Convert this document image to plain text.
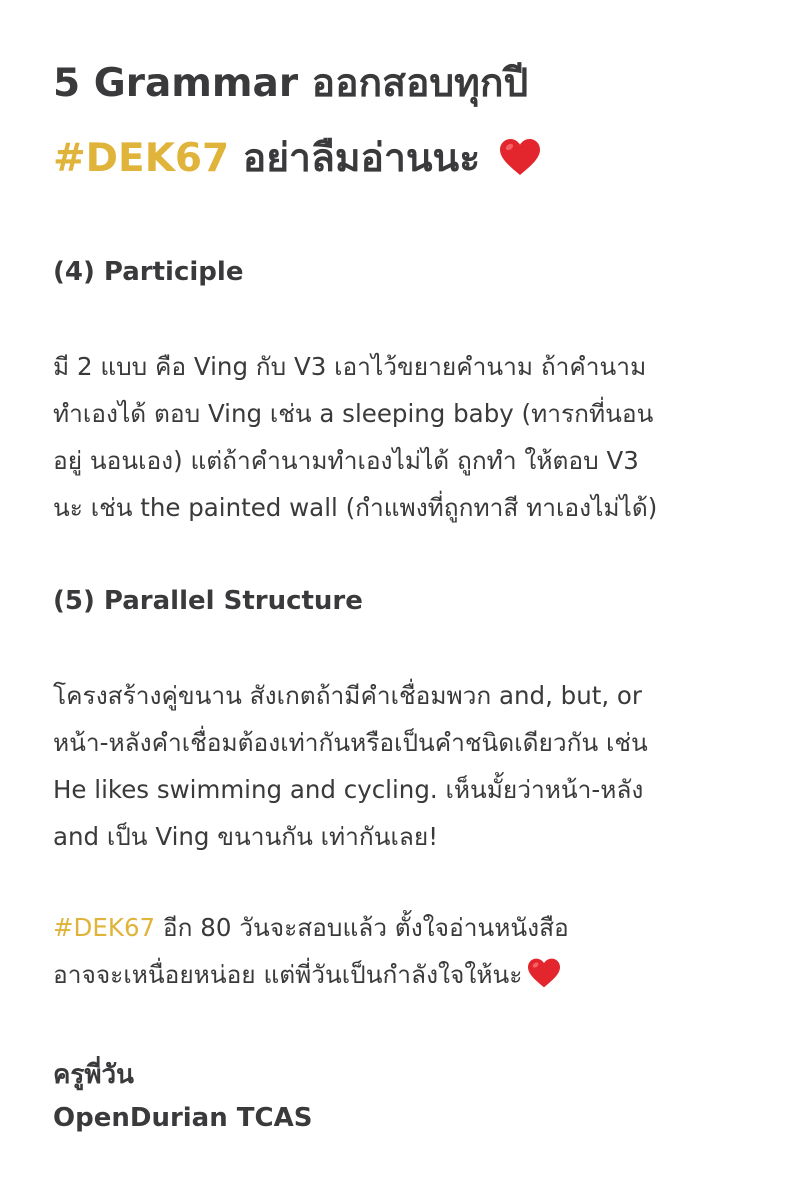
5 Grammar ออกสอบทุกปี
#DEK67 อย่าลืมอ่านนะ
(4) Participle

มี 2 แบบ คือ Ving กับ V3 เอาไว้ขยายคำนาม ถ้าคำนาม
ทำเองได้ ตอบ Ving เช่น a sleeping baby (ทารกที่นอน
อยู่ นอนเอง) แต่ถ้าคำนามทำเองไม่ได้ ถูกทำ ให้ตอบ V3
นะ เช่น the painted wall (กำแพงที่ถูกทาสี ทาเองไม่ได้)

(5) Parallel Structure

โครงสร้างคู่ขนาน สังเกตถ้ามีคำเชื่อมพวก and, but, or
หน้า-หลังคำเชื่อมต้องเท่ากันหรือเป็นคำชนิดเดียวกัน เช่น
He likes swimming and cycling. เห็นมั้ยว่าหน้า-หลัง
and เป็น Ving ขนานกัน เท่ากันเลย!

#DEK67 อีก 80 วันจะสอบแล้ว ตั้งใจอ่านหนังสือ
อาจจะเหนื่อยหน่อย แต่พี่วันเป็นกำลังใจให้นะ

ครูพี่วัน

OpenDurian TCAS
